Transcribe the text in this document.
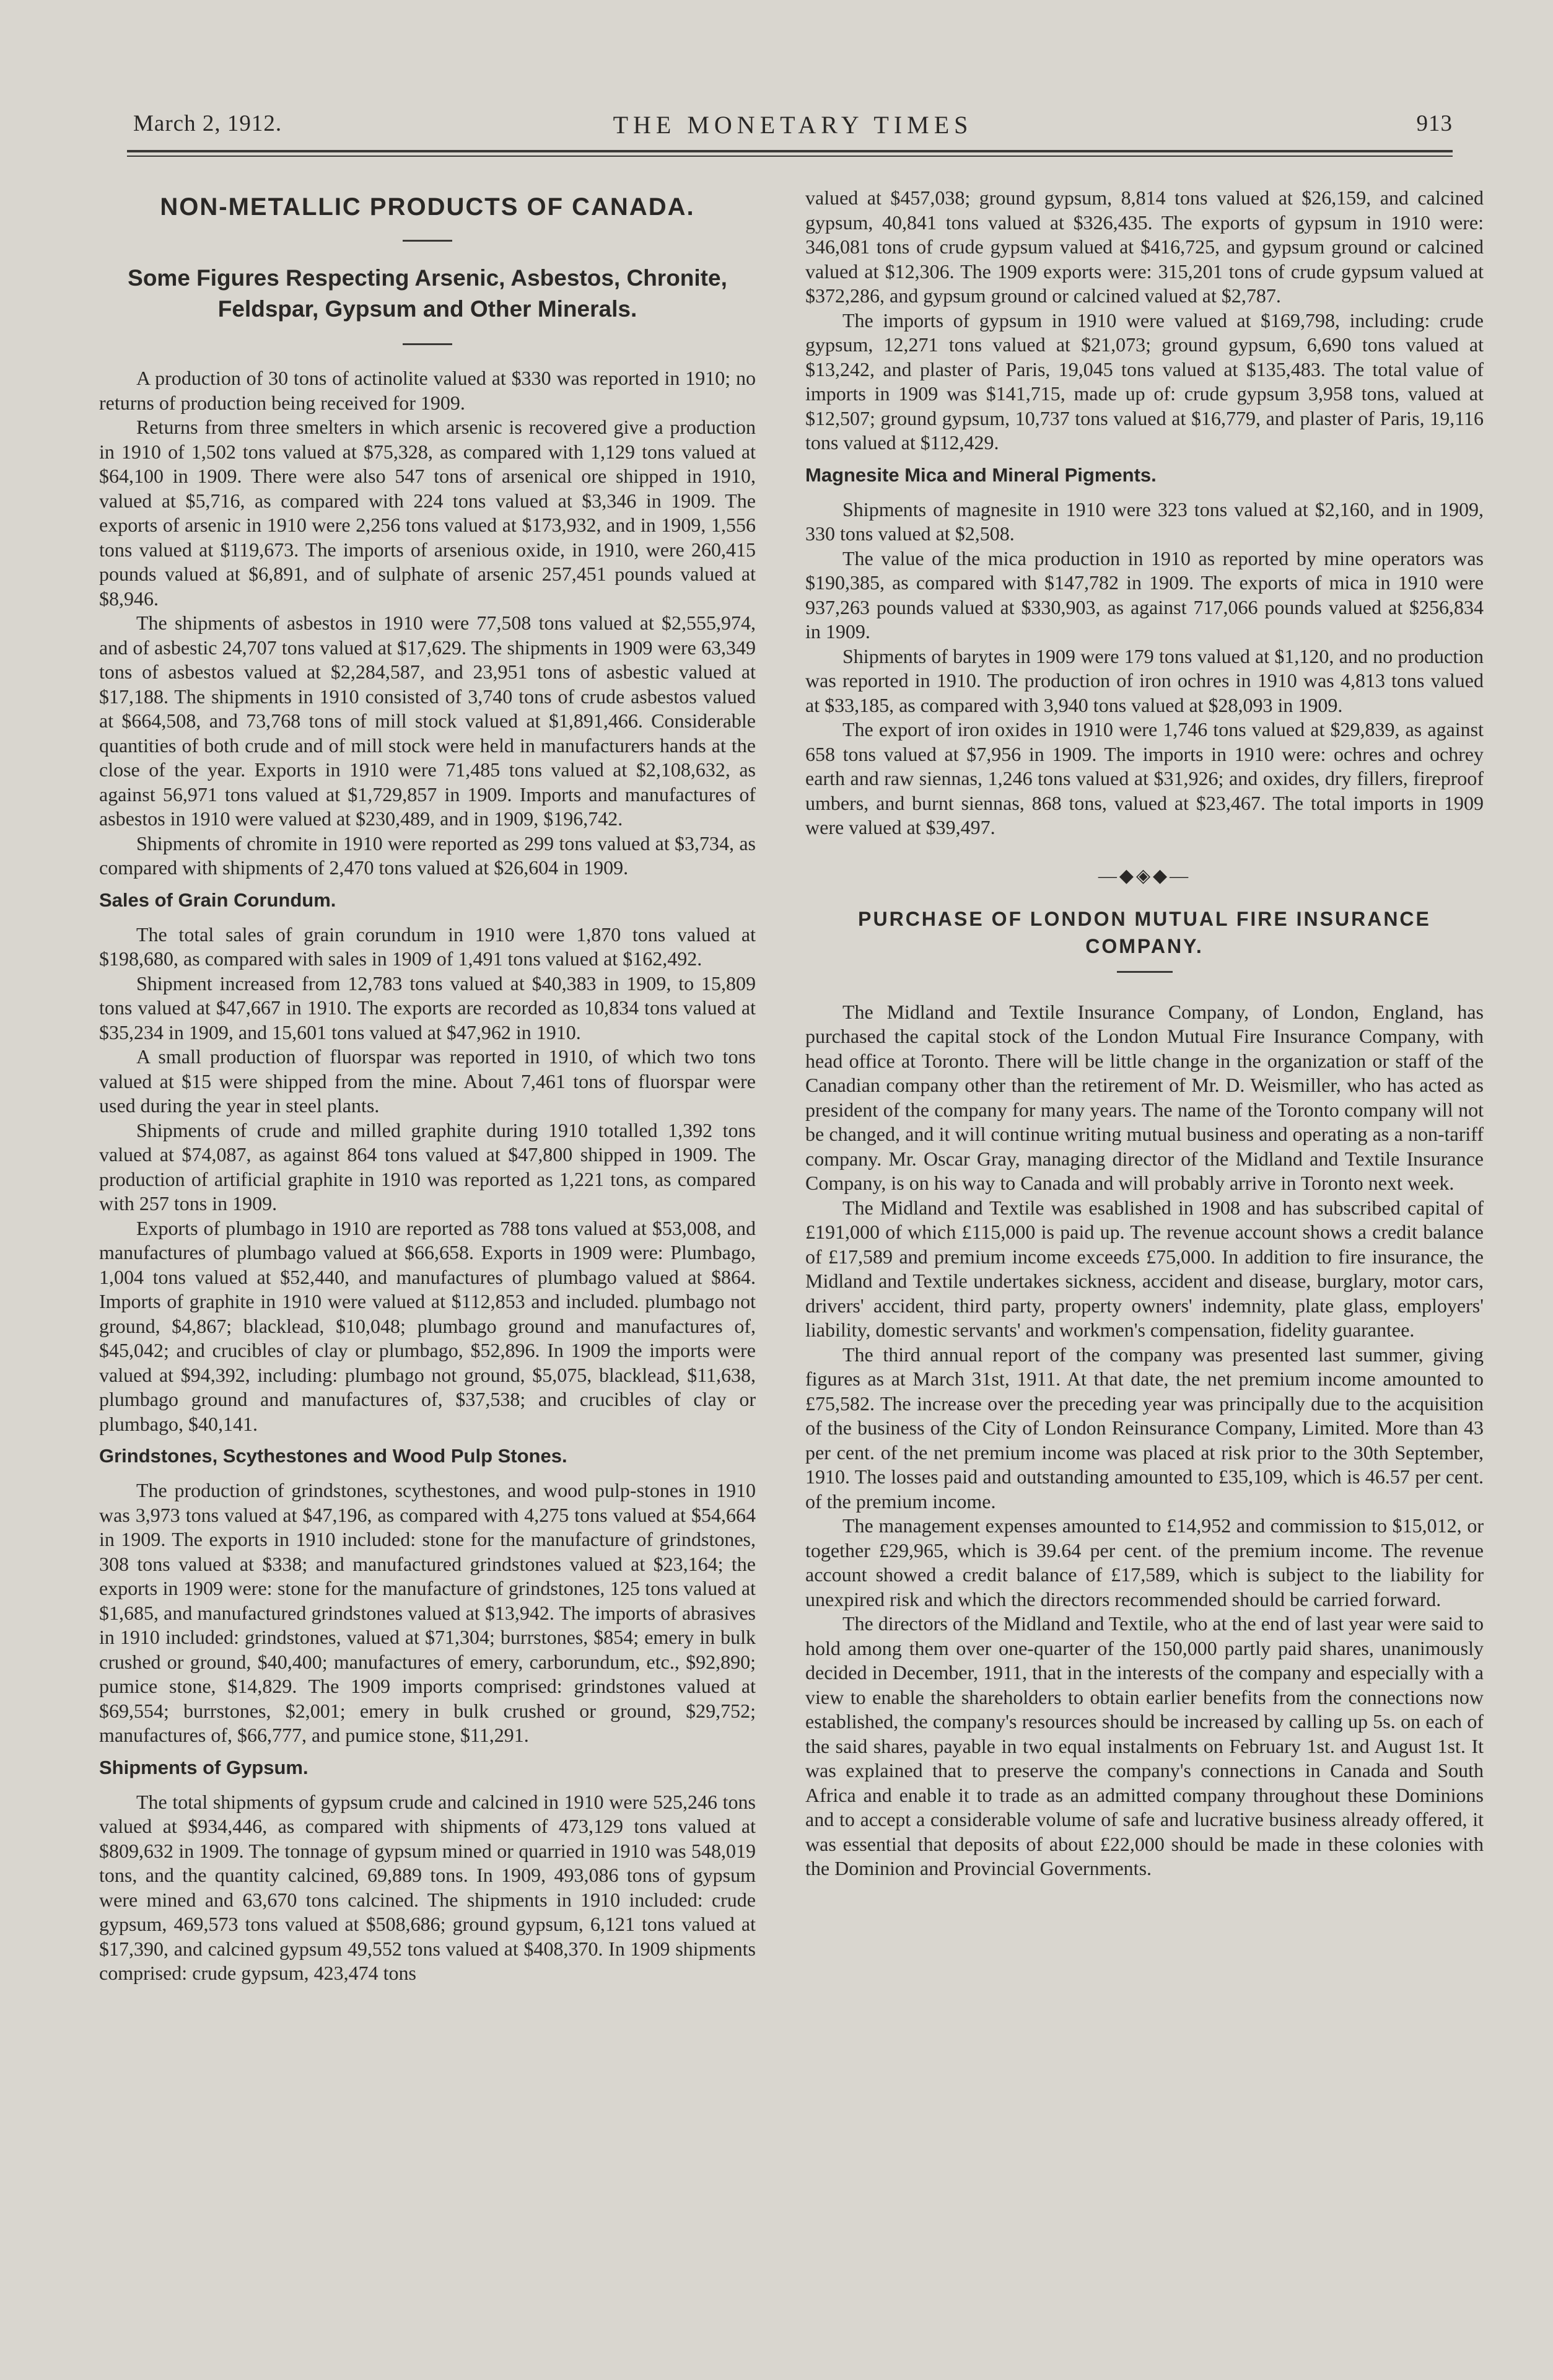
March 2, 1912.	THE MONETARY TIMES	913
NON-METALLIC PRODUCTS OF CANADA.
Some Figures Respecting Arsenic, Asbestos, Chronite, Feldspar, Gypsum and Other Minerals.

A production of 30 tons of actinolite valued at $330 was reported in 1910; no returns of production being received for 1909.

Returns from three smelters in which arsenic is recovered give a production in 1910 of 1,502 tons valued at $75,328, as compared with 1,129 tons valued at $64,100 in 1909. There were also 547 tons of arsenical ore shipped in 1910, valued at $5,716, as compared with 224 tons valued at $3,346 in 1909. The exports of arsenic in 1910 were 2,256 tons valued at $173,932, and in 1909, 1,556 tons valued at $119,673. The imports of arsenious oxide, in 1910, were 260,415 pounds valued at $6,891, and of sulphate of arsenic 257,451 pounds valued at $8,946.

The shipments of asbestos in 1910 were 77,508 tons valued at $2,555,974, and of asbestic 24,707 tons valued at $17,629. The shipments in 1909 were 63,349 tons of asbestos valued at $2,284,587, and 23,951 tons of asbestic valued at $17,188. The shipments in 1910 consisted of 3,740 tons of crude asbestos valued at $664,508, and 73,768 tons of mill stock valued at $1,891,466. Considerable quantities of both crude and of mill stock were held in manufacturers hands at the close of the year. Exports in 1910 were 71,485 tons valued at $2,108,632, as against 56,971 tons valued at $1,729,857 in 1909. Imports and manufactures of asbestos in 1910 were valued at $230,489, and in 1909, $196,742.

Shipments of chromite in 1910 were reported as 299 tons valued at $3,734, as compared with shipments of 2,470 tons valued at $26,604 in 1909.

Sales of Grain Corundum.

The total sales of grain corundum in 1910 were 1,870 tons valued at $198,680, as compared with sales in 1909 of 1,491 tons valued at $162,492.

Shipment increased from 12,783 tons valued at $40,383 in 1909, to 15,809 tons valued at $47,667 in 1910. The exports are recorded as 10,834 tons valued at $35,234 in 1909, and 15,601 tons valued at $47,962 in 1910.

A small production of fluorspar was reported in 1910, of which two tons valued at $15 were shipped from the mine. About 7,461 tons of fluorspar were used during the year in steel plants.

Shipments of crude and milled graphite during 1910 totalled 1,392 tons valued at $74,087, as against 864 tons valued at $47,800 shipped in 1909. The production of artificial graphite in 1910 was reported as 1,221 tons, as compared with 257 tons in 1909.

Exports of plumbago in 1910 are reported as 788 tons valued at $53,008, and manufactures of plumbago valued at $66,658. Exports in 1909 were: Plumbago, 1,004 tons valued at $52,440, and manufactures of plumbago valued at $864. Imports of graphite in 1910 were valued at $112,853 and included. plumbago not ground, $4,867; blacklead, $10,048; plumbago ground and manufactures of, $45,042; and crucibles of clay or plumbago, $52,896. In 1909 the imports were valued at $94,392, including: plumbago not ground, $5,075, blacklead, $11,638, plumbago ground and manufactures of, $37,538; and crucibles of clay or plumbago, $40,141.

Grindstones, Scythestones and Wood Pulp Stones.

The production of grindstones, scythestones, and wood pulp-stones in 1910 was 3,973 tons valued at $47,196, as compared with 4,275 tons valued at $54,664 in 1909. The exports in 1910 included: stone for the manufacture of grindstones, 308 tons valued at $338; and manufactured grindstones valued at $23,164; the exports in 1909 were: stone for the manufacture of grindstones, 125 tons valued at $1,685, and manufactured grindstones valued at $13,942. The imports of abrasives in 1910 included: grindstones, valued at $71,304; burrstones, $854; emery in bulk crushed or ground, $40,400; manufactures of emery, carborundum, etc., $92,890; pumice stone, $14,829. The 1909 imports comprised: grindstones valued at $69,554; burrstones, $2,001; emery in bulk crushed or ground, $29,752; manufactures of, $66,777, and pumice stone, $11,291.

Shipments of Gypsum.

The total shipments of gypsum crude and calcined in 1910 were 525,246 tons valued at $934,446, as compared with shipments of 473,129 tons valued at $809,632 in 1909. The tonnage of gypsum mined or quarried in 1910 was 548,019 tons, and the quantity calcined, 69,889 tons. In 1909, 493,086 tons of gypsum were mined and 63,670 tons calcined. The shipments in 1910 included: crude gypsum, 469,573 tons valued at $508,686; ground gypsum, 6,121 tons valued at $17,390, and calcined gypsum 49,552 tons valued at $408,370. In 1909 shipments comprised: crude gypsum, 423,474 tons

valued at $457,038; ground gypsum, 8,814 tons valued at $26,159, and calcined gypsum, 40,841 tons valued at $326,435. The exports of gypsum in 1910 were: 346,081 tons of crude gypsum valued at $416,725, and gypsum ground or calcined valued at $12,306. The 1909 exports were: 315,201 tons of crude gypsum valued at $372,286, and gypsum ground or calcined valued at $2,787.

The imports of gypsum in 1910 were valued at $169,798, including: crude gypsum, 12,271 tons valued at $21,073; ground gypsum, 6,690 tons valued at $13,242, and plaster of Paris, 19,045 tons valued at $135,483. The total value of imports in 1909 was $141,715, made up of: crude gypsum 3,958 tons, valued at $12,507; ground gypsum, 10,737 tons valued at $16,779, and plaster of Paris, 19,116 tons valued at $112,429.

Magnesite Mica and Mineral Pigments.

Shipments of magnesite in 1910 were 323 tons valued at $2,160, and in 1909, 330 tons valued at $2,508.

The value of the mica production in 1910 as reported by mine operators was $190,385, as compared with $147,782 in 1909. The exports of mica in 1910 were 937,263 pounds valued at $330,903, as against 717,066 pounds valued at $256,834 in 1909.

Shipments of barytes in 1909 were 179 tons valued at $1,120, and no production was reported in 1910. The production of iron ochres in 1910 was 4,813 tons valued at $33,185, as compared with 3,940 tons valued at $28,093 in 1909.

The export of iron oxides in 1910 were 1,746 tons valued at $29,839, as against 658 tons valued at $7,956 in 1909. The imports in 1910 were: ochres and ochrey earth and raw siennas, 1,246 tons valued at $31,926; and oxides, dry fillers, fireproof umbers, and burnt siennas, 868 tons, valued at $23,467. The total imports in 1909 were valued at $39,497.

—◆◈◆—
PURCHASE OF LONDON MUTUAL FIRE INSURANCE COMPANY.

The Midland and Textile Insurance Company, of London, England, has purchased the capital stock of the London Mutual Fire Insurance Company, with head office at Toronto. There will be little change in the organization or staff of the Canadian company other than the retirement of Mr. D. Weismiller, who has acted as president of the company for many years. The name of the Toronto company will not be changed, and it will continue writing mutual business and operating as a non-tariff company. Mr. Oscar Gray, managing director of the Midland and Textile Insurance Company, is on his way to Canada and will probably arrive in Toronto next week.

The Midland and Textile was esablished in 1908 and has subscribed capital of £191,000 of which £115,000 is paid up. The revenue account shows a credit balance of £17,589 and premium income exceeds £75,000. In addition to fire insurance, the Midland and Textile undertakes sickness, accident and disease, burglary, motor cars, drivers' accident, third party, property owners' indemnity, plate glass, employers' liability, domestic servants' and workmen's compensation, fidelity guarantee.

The third annual report of the company was presented last summer, giving figures as at March 31st, 1911. At that date, the net premium income amounted to £75,582. The increase over the preceding year was principally due to the acquisition of the business of the City of London Reinsurance Company, Limited. More than 43 per cent. of the net premium income was placed at risk prior to the 30th September, 1910. The losses paid and outstanding amounted to £35,109, which is 46.57 per cent. of the premium income.

The management expenses amounted to £14,952 and commission to $15,012, or together £29,965, which is 39.64 per cent. of the premium income. The revenue account showed a credit balance of £17,589, which is subject to the liability for unexpired risk and which the directors recommended should be carried forward.

The directors of the Midland and Textile, who at the end of last year were said to hold among them over one-quarter of the 150,000 partly paid shares, unanimously decided in December, 1911, that in the interests of the company and especially with a view to enable the shareholders to obtain earlier benefits from the connections now established, the company's resources should be increased by calling up 5s. on each of the said shares, payable in two equal instalments on February 1st. and August 1st. It was explained that to preserve the company's connections in Canada and South Africa and enable it to trade as an admitted company throughout these Dominions and to accept a considerable volume of safe and lucrative business already offered, it was essential that deposits of about £22,000 should be made in these colonies with the Dominion and Provincial Governments.
